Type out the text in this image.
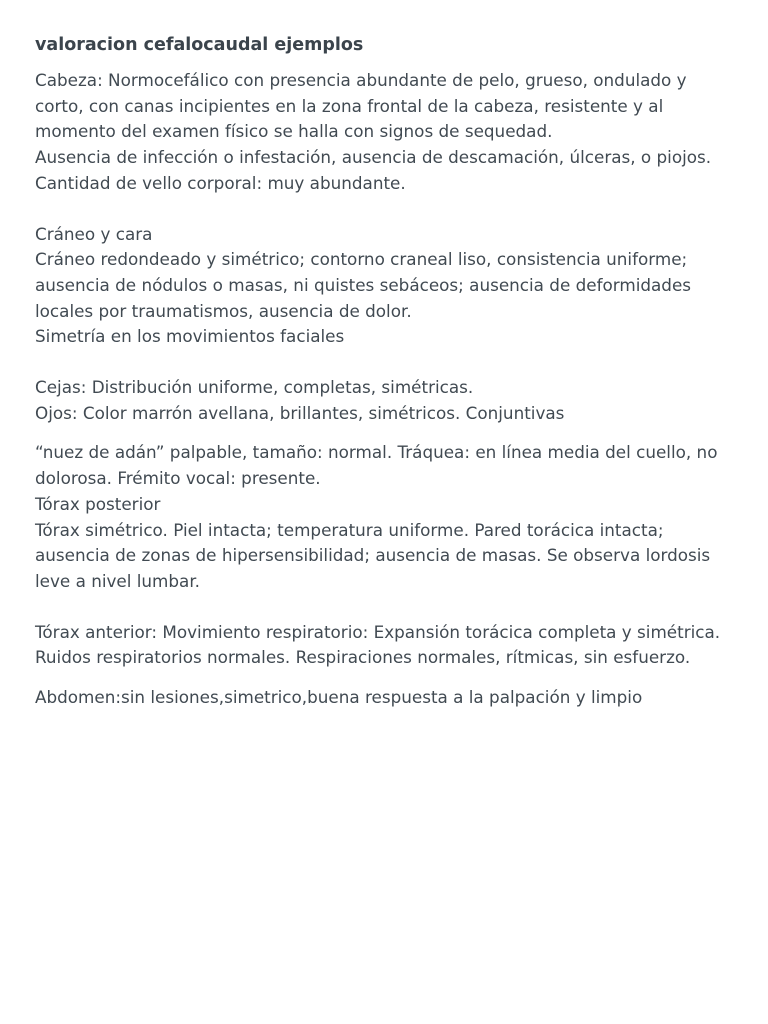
valoracion cefalocaudal ejemplos
Cabeza: Normocefálico con presencia abundante de pelo, grueso, ondulado y corto, con canas incipientes en la zona frontal de la cabeza, resistente y al momento del examen físico se halla con signos de sequedad.
Ausencia de infección o infestación, ausencia de descamación, úlceras, o piojos.
Cantidad de vello corporal: muy abundante.
Cráneo y cara
Cráneo redondeado y simétrico; contorno craneal liso, consistencia uniforme; ausencia de nódulos o masas, ni quistes sebáceos; ausencia de deformidades locales por traumatismos, ausencia de dolor.
Simetría en los movimientos faciales
Cejas: Distribución uniforme, completas, simétricas.
Ojos: Color marrón avellana, brillantes, simétricos. Conjuntivas
“nuez de adán” palpable, tamaño: normal. Tráquea: en línea media del cuello, no dolorosa. Frémito vocal: presente.
Tórax posterior
Tórax simétrico. Piel intacta; temperatura uniforme. Pared torácica intacta; ausencia de zonas de hipersensibilidad; ausencia de masas. Se observa lordosis leve a nivel lumbar.
Tórax anterior: Movimiento respiratorio: Expansión torácica completa y simétrica. Ruidos respiratorios normales. Respiraciones normales, rítmicas, sin esfuerzo.
Abdomen:sin lesiones,simetrico,buena respuesta a la palpación y limpio
